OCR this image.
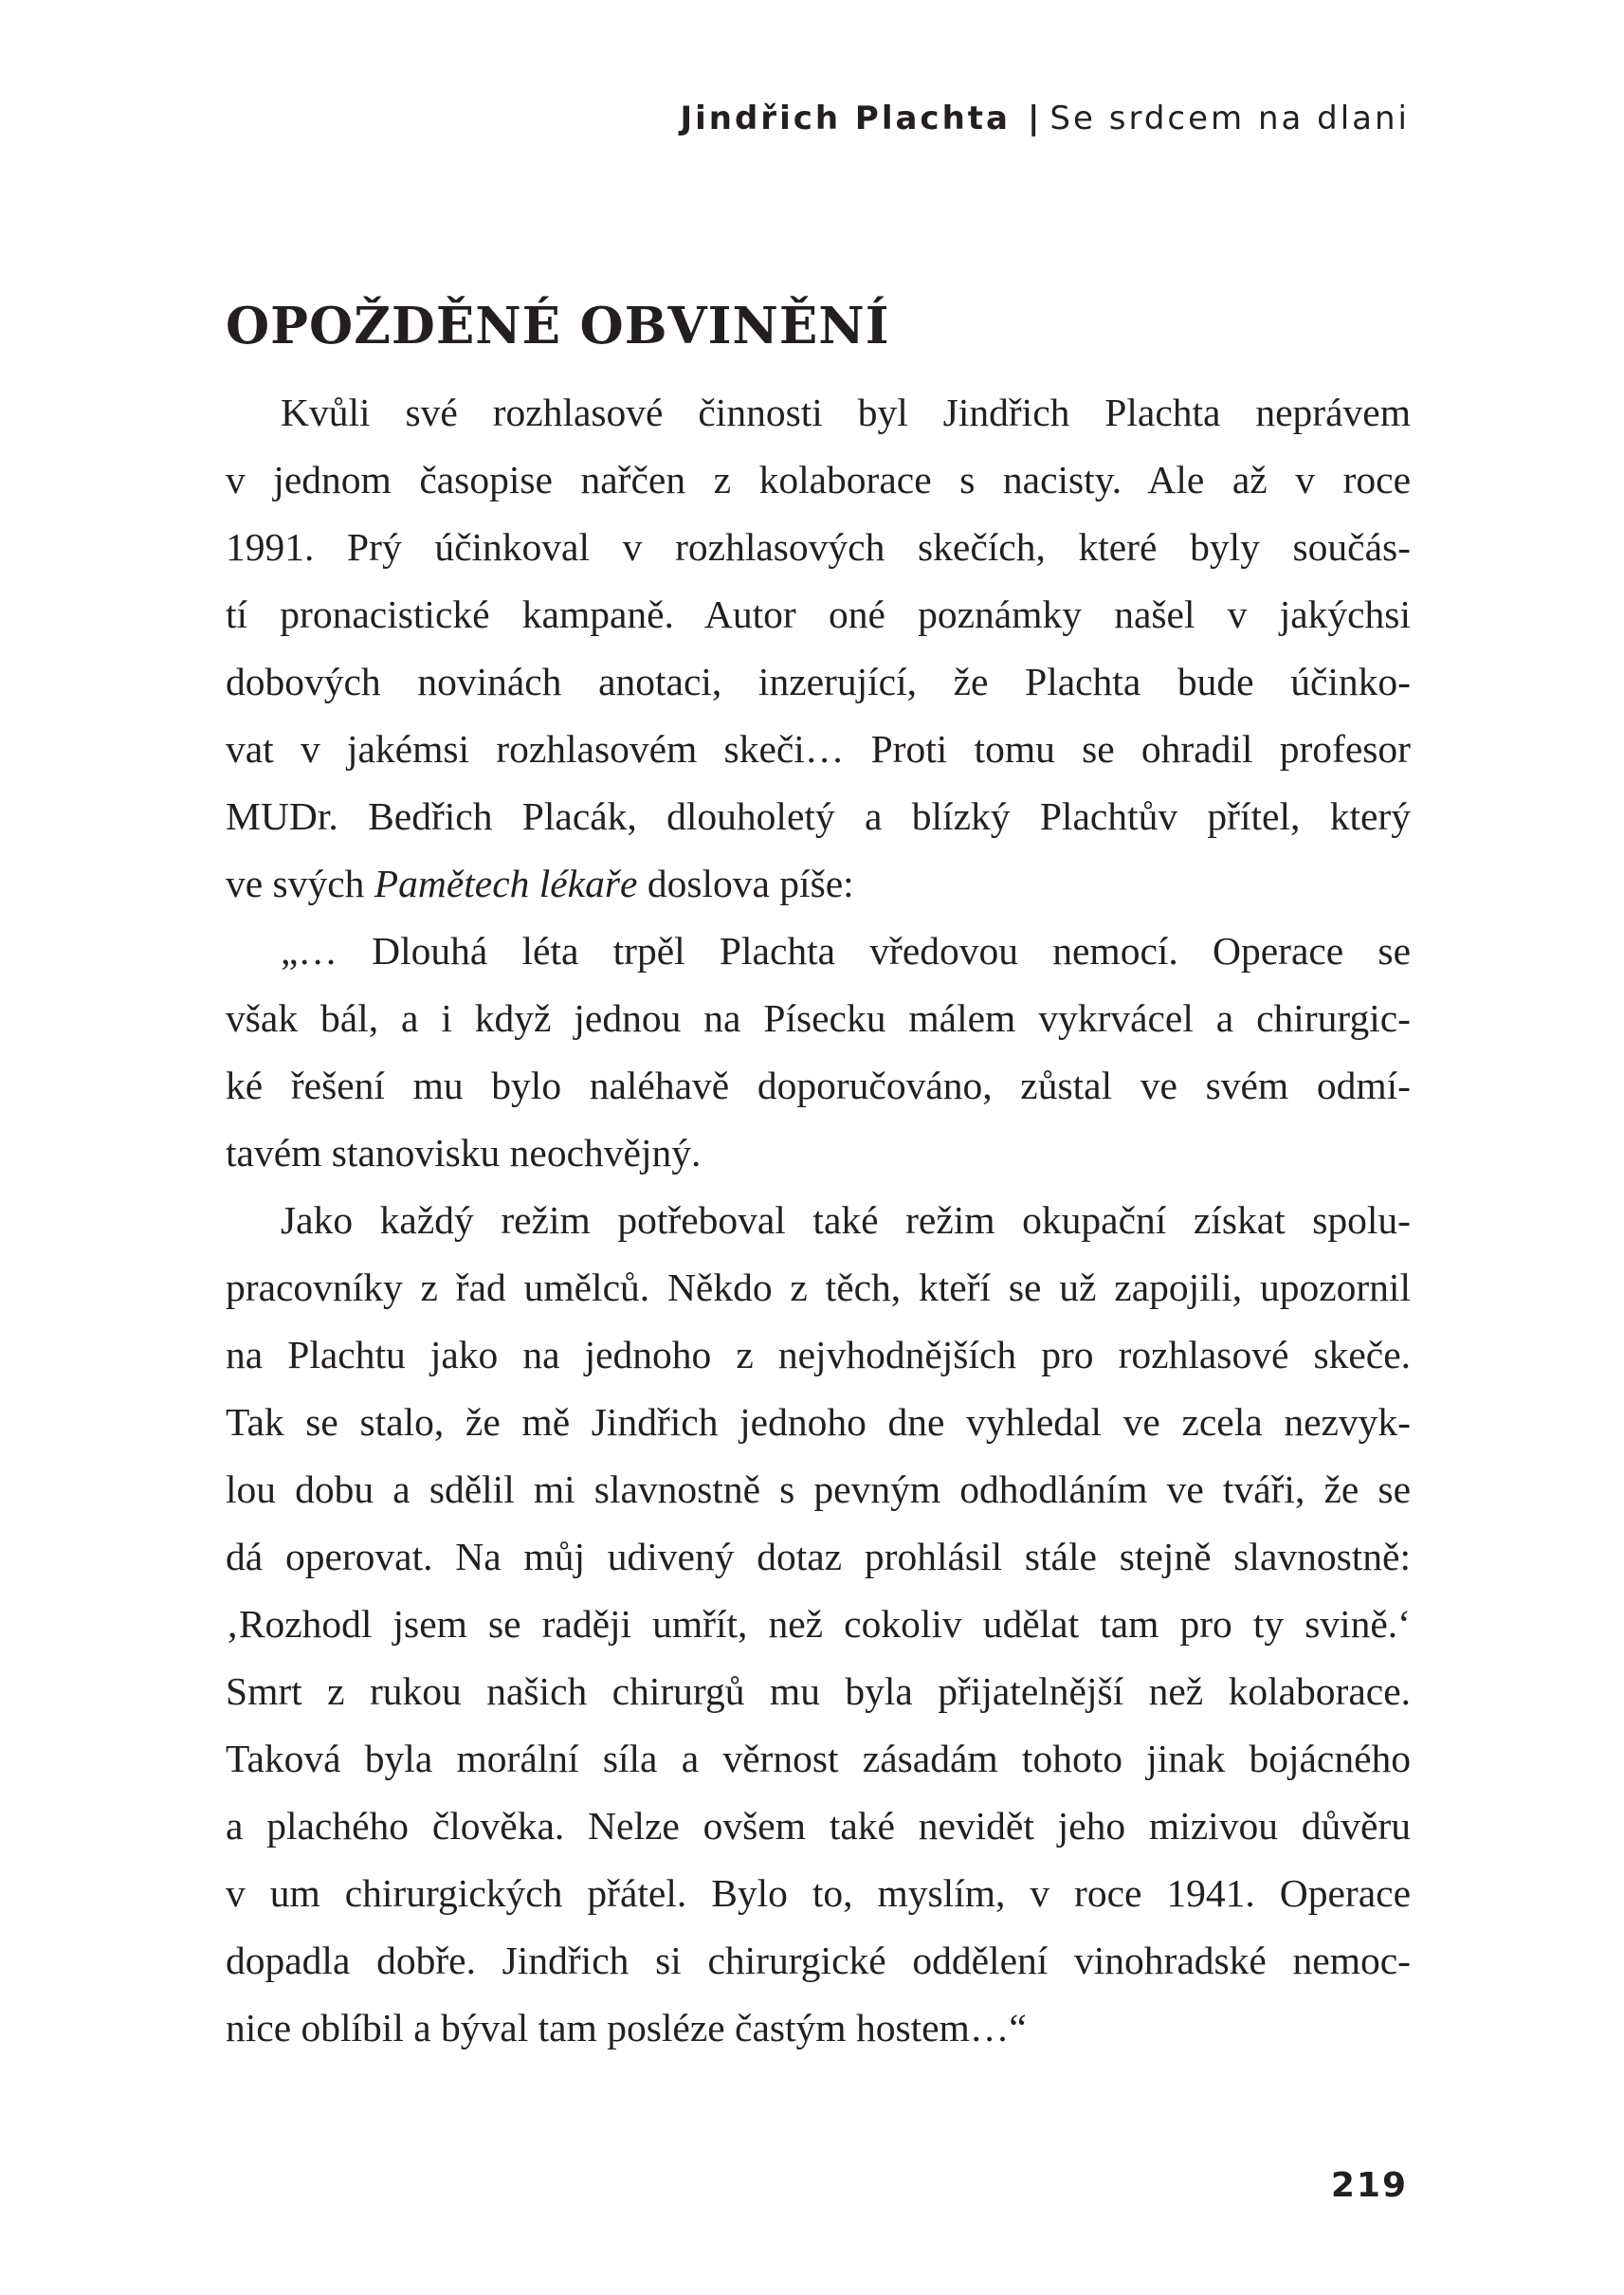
Jindřich Plachta | Se srdcem na dlani
OPOŽDĚNÉ OBVINĚNÍ
Kvůli své rozhlasové činnosti byl Jindřich Plachta neprávem
v jednom časopise nařčen z kolaborace s nacisty. Ale až v roce
1991. Prý účinkoval v rozhlasových skečích, které byly součás-
tí pronacistické kampaně. Autor oné poznámky našel v jakýchsi
dobových novinách anotaci, inzerující, že Plachta bude účinko-
vat v jakémsi rozhlasovém skeči… Proti tomu se ohradil profesor
MUDr. Bedřich Placák, dlouholetý a blízký Plachtův přítel, který
ve svých Pamětech lékaře doslova píše:
„… Dlouhá léta trpěl Plachta vředovou nemocí. Operace se
však bál, a i když jednou na Písecku málem vykrvácel a chirurgic-
ké řešení mu bylo naléhavě doporučováno, zůstal ve svém odmí-
tavém stanovisku neochvějný.
Jako každý režim potřeboval také režim okupační získat spolu-
pracovníky z řad umělců. Někdo z těch, kteří se už zapojili, upozornil
na Plachtu jako na jednoho z nejvhodnějších pro rozhlasové skeče.
Tak se stalo, že mě Jindřich jednoho dne vyhledal ve zcela nezvyk-
lou dobu a sdělil mi slavnostně s pevným odhodláním ve tváři, že se
dá operovat. Na můj udivený dotaz prohlásil stále stejně slavnostně:
‚Rozhodl jsem se raději umřít, než cokoliv udělat tam pro ty svině.‘
Smrt z rukou našich chirurgů mu byla přijatelnější než kolaborace.
Taková byla morální síla a věrnost zásadám tohoto jinak bojácného
a plachého člověka. Nelze ovšem také nevidět jeho mizivou důvěru
v um chirurgických přátel. Bylo to, myslím, v roce 1941. Operace
dopadla dobře. Jindřich si chirurgické oddělení vinohradské nemoc-
nice oblíbil a býval tam posléze častým hostem…“
219
